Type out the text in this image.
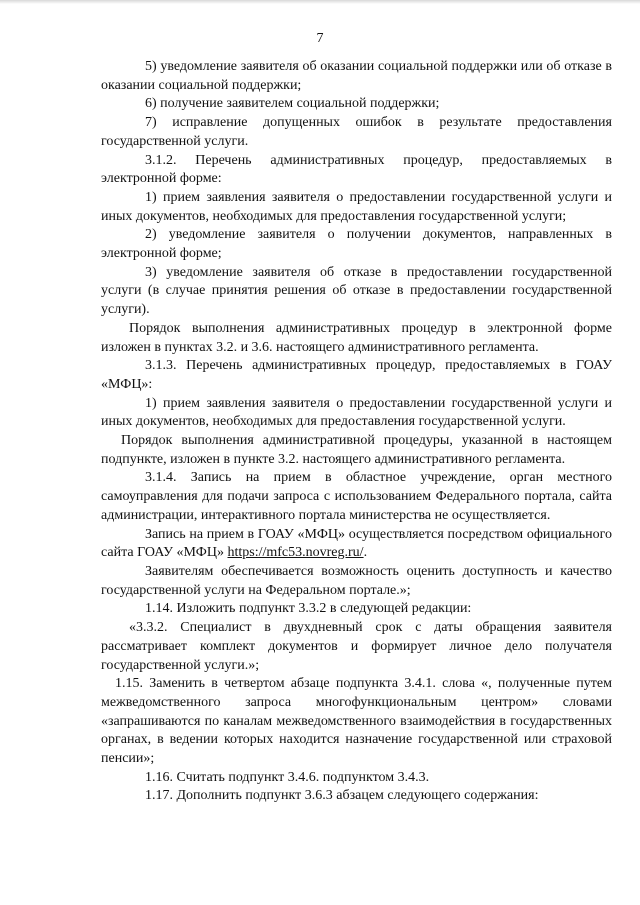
7

5) уведомление заявителя об оказании социальной поддержки или об отказе в оказании социальной поддержки;

6) получение заявителем социальной поддержки;

7) исправление допущенных ошибок в результате предоставления государственной услуги.

3.1.2. Перечень административных процедур, предоставляемых в электронной форме:

1) прием заявления заявителя о предоставлении государственной услуги и иных документов, необходимых для предоставления государственной услуги;

2) уведомление заявителя о получении документов, направленных в электронной форме;

3) уведомление заявителя об отказе в предоставлении государственной услуги (в случае принятия решения об отказе в предоставлении государственной услуги).

Порядок выполнения административных процедур в электронной форме изложен в пунктах 3.2. и 3.6. настоящего административного регламента.

3.1.3. Перечень административных процедур, предоставляемых в ГОАУ «МФЦ»:

1) прием заявления заявителя о предоставлении государственной услуги и иных документов, необходимых для предоставления государственной услуги.

Порядок выполнения административной процедуры, указанной в настоящем подпункте, изложен в пункте 3.2. настоящего административного регламента.

3.1.4. Запись на прием в областное учреждение, орган местного самоуправления для подачи запроса с использованием Федерального портала, сайта администрации, интерактивного портала министерства не осуществляется.

Запись на прием в ГОАУ «МФЦ» осуществляется посредством официального сайта ГОАУ «МФЦ» https://mfc53.novreg.ru/.

Заявителям обеспечивается возможность оценить доступность и качество государственной услуги на Федеральном портале.»;

1.14. Изложить подпункт 3.3.2 в следующей редакции:

«3.3.2. Специалист в двухдневный срок с даты обращения заявителя рассматривает комплект документов и формирует личное дело получателя государственной услуги.»;

1.15. Заменить в четвертом абзаце подпункта 3.4.1. слова «, полученные путем межведомственного запроса многофункциональным центром» словами «запрашиваются по каналам межведомственного взаимодействия в государственных органах, в ведении которых находится назначение государственной или страховой пенсии»;

1.16. Считать подпункт 3.4.6. подпунктом 3.4.3.

1.17. Дополнить подпункт 3.6.3 абзацем следующего содержания:
